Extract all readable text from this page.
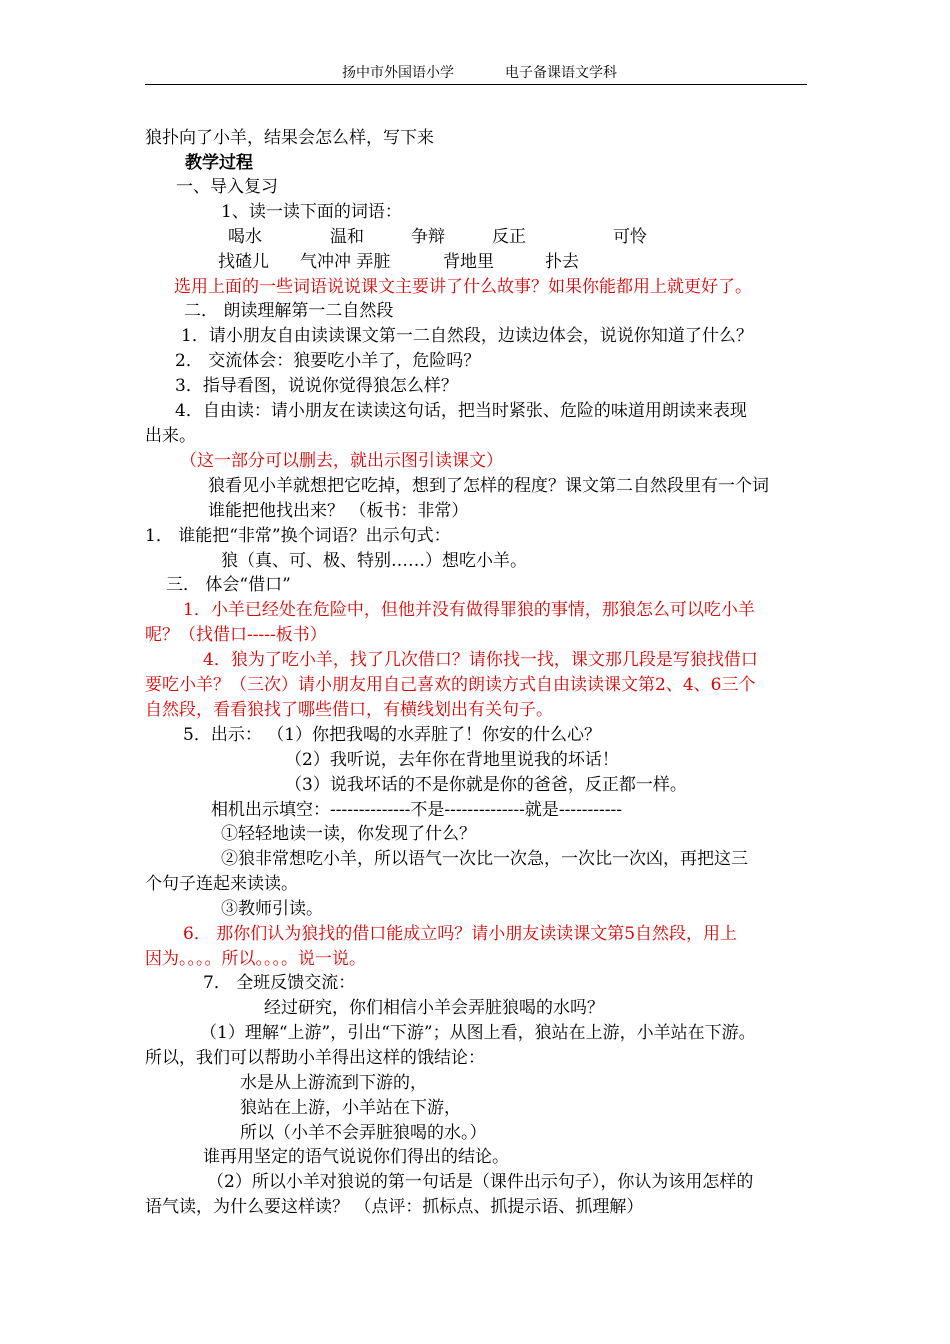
扬中市外国语小学	电子备课语文学科
狼扑向了小羊，结果会怎么样，写下来
教学过程
一、导入复习
1、读一读下面的词语：
喝水	温和	争辩	反正	可怜
找碴儿 气冲冲 弄脏	背地里	扑去
选用上面的一些词语说说课文主要讲了什么故事？如果你能都用上就更好了。
二． 朗读理解第一二自然段
1．请小朋友自由读读课文第一二自然段，边读边体会，说说你知道了什么？
2． 交流体会：狼要吃小羊了，危险吗？
3．指导看图，说说你觉得狼怎么样？
4．自由读：请小朋友在读读这句话，把当时紧张、危险的味道用朗读来表现
出来。
（这一部分可以删去，就出示图引读课文）
狼看见小羊就想把它吃掉，想到了怎样的程度？课文第二自然段里有一个词
谁能把他找出来？ （板书：非常）
1． 谁能把“非常”换个词语？出示句式：
狼（真、可、极、特别……）想吃小羊。
三． 体会“借口”
1．小羊已经处在危险中，但他并没有做得罪狼的事情，那狼怎么可以吃小羊
呢？（找借口-----板书）
4．狼为了吃小羊，找了几次借口？请你找一找，课文那几段是写狼找借口
要吃小羊？（三次）请小朋友用自己喜欢的朗读方式自由读读课文第2、4、6三个
自然段，看看狼找了哪些借口，有横线划出有关句子。
5．出示： （1）你把我喝的水弄脏了！你安的什么心？
（2）我听说，去年你在背地里说我的坏话！
（3）说我坏话的不是你就是你的爸爸，反正都一样。
相机出示填空：--------------不是--------------就是-----------
①轻轻地读一读，你发现了什么？
②狼非常想吃小羊，所以语气一次比一次急，一次比一次凶，再把这三
个句子连起来读读。
③教师引读。
6． 那你们认为狼找的借口能成立吗？请小朋友读读课文第5自然段，用上
因为。。。。所以。。。。说一说。
7． 全班反馈交流：
经过研究，你们相信小羊会弄脏狼喝的水吗？
（1）理解“上游”，引出“下游”；从图上看，狼站在上游，小羊站在下游。
所以，我们可以帮助小羊得出这样的饿结论：
水是从上游流到下游的，
狼站在上游，小羊站在下游，
所以（小羊不会弄脏狼喝的水。）
谁再用坚定的语气说说你们得出的结论。
（2）所以小羊对狼说的第一句话是（课件出示句子），你认为该用怎样的
语气读，为什么要这样读？ （点评：抓标点、抓提示语、抓理解）
